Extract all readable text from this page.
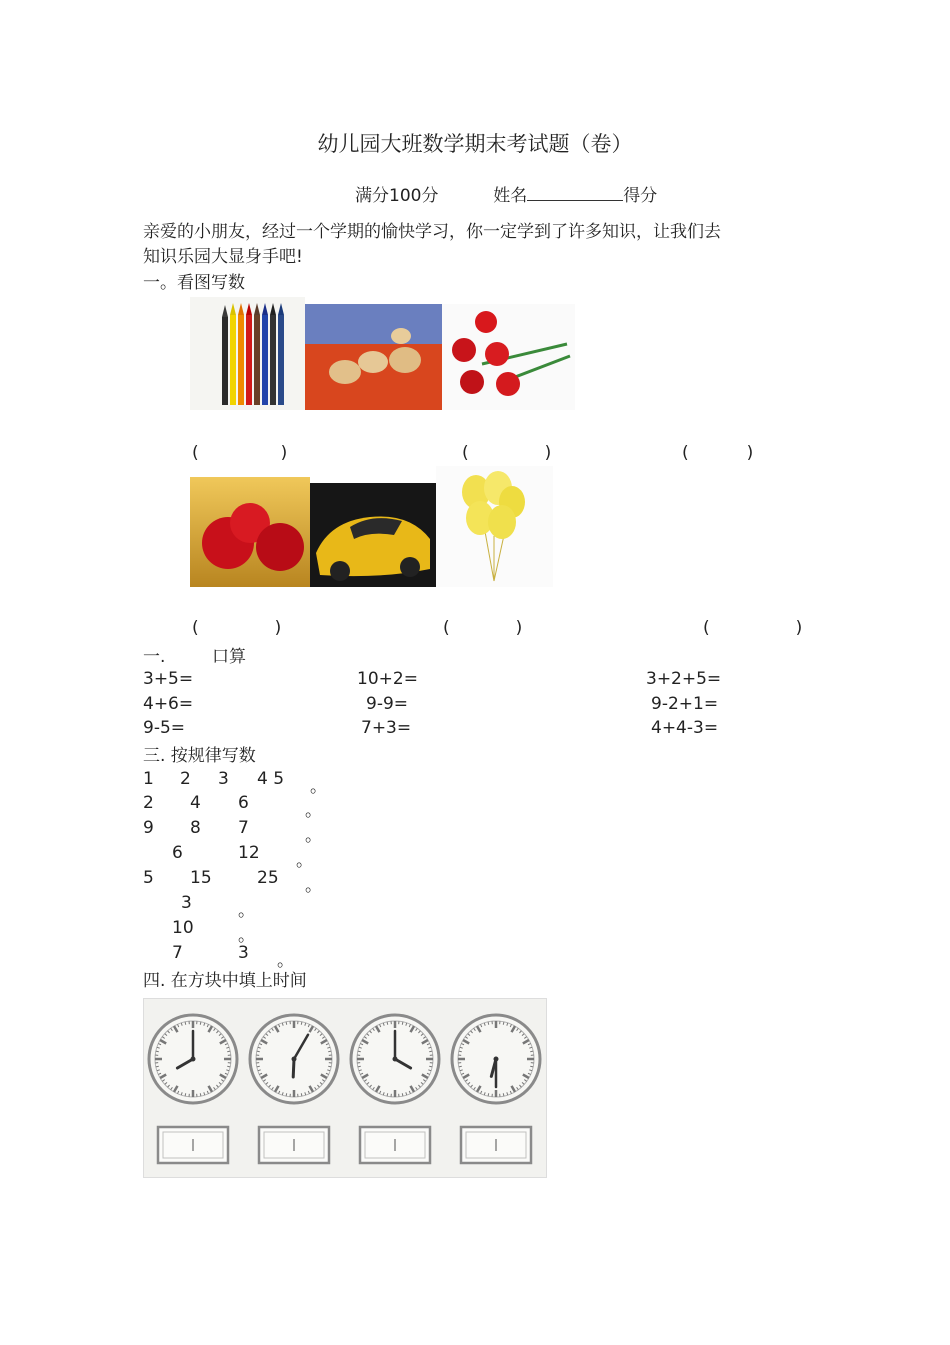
幼儿园大班数学期末考试题（卷）
满分100分	姓名	得分
亲爱的小朋友，经过一个学期的愉快学习，你一定学到了许多知识，让我们去
知识乐园大显身手吧!
一。看图写数
(	)	(	)	(	)
(	)	(	)	(	)
一.	口算
3+5=	10+2=	3+2+5=
4+6=	9-9=	9-2+1=
9-5=	7+3=	4+4-3=
三. 按规律写数
1 2 3 4 5 。
2 4 6	。
9 8 7	。
6	12 。
5 15	25 。
3	。
10	。
7	3 。
四. 在方块中填上时间
